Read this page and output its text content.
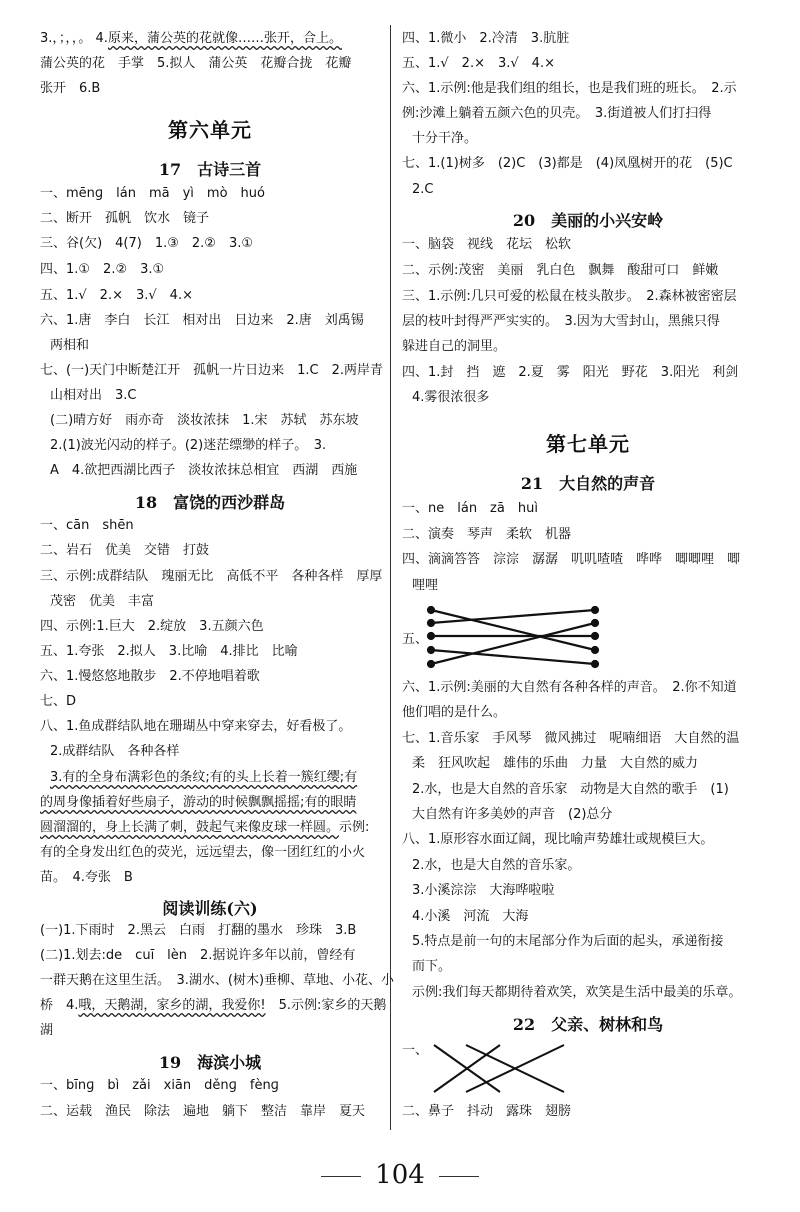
3.，；，，。 4.原来，蒲公英的花就像……张开，合上。
蒲公英的花　手掌　5.拟人　蒲公英　花瓣合拢　花瓣
张开　6.B
第六单元
17　古诗三首
一、mēnɡ　lán　mā　yì　mò　huó
二、断开　孤帆　饮水　镜子
三、谷(欠)　4(7)　1.③　2.②　3.①
四、1.①　2.②　3.①
五、1.√　2.×　3.√　4.×
六、1.唐　李白　长江　相对出　日边来　2.唐　刘禹锡
两相和
七、(一)天门中断楚江开　孤帆一片日边来　1.C　2.两岸青
山相对出　3.C
(二)晴方好　雨亦奇　淡妆浓抹　1.宋　苏轼　苏东坡
2.(1)波光闪动的样子。(2)迷茫缥缈的样子。　3.
A　4.欲把西湖比西子　淡妆浓抹总相宜　西湖　西施
18　富饶的西沙群岛
一、cān　shēn
二、岩石　优美　交错　打鼓
三、示例:成群结队　瑰丽无比　高低不平　各种各样　厚厚
茂密　优美　丰富
四、示例:1.巨大　2.绽放　3.五颜六色
五、1.夸张　2.拟人　3.比喻　4.排比　比喻
六、1.慢悠悠地散步　2.不停地唱着歌
七、D
八、1.鱼成群结队地在珊瑚丛中穿来穿去，好看极了。
2.成群结队　各种各样
3.有的全身布满彩色的条纹;有的头上长着一簇红缨;有
的周身像插着好些扇子，游动的时候飘飘摇摇;有的眼睛
圆溜溜的，身上长满了刺，鼓起气来像皮球一样圆。示例:
有的全身发出红色的荧光，远远望去，像一团红红的小火
苗。　4.夸张　B
阅读训练(六)
(一)1.下雨时　2.黑云　白雨　打翻的墨水　珍珠　3.B
(二)1.划去:de　cuī　lèn　2.据说许多年以前，曾经有
一群天鹅在这里生活。　3.湖水、(树木)垂柳、草地、小花、小
桥　4.哦，天鹅湖，家乡的湖，我爱你!　5.示例:家乡的天鹅
湖
19　海滨小城
一、bīnɡ　bì　zǎi　xiān　děnɡ　fènɡ
二、运载　渔民　除法　遍地　躺下　整洁　靠岸　夏天
四、1.微小　2.冷清　3.肮脏
五、1.√　2.×　3.√　4.×
六、1.示例:他是我们组的组长，也是我们班的班长。　2.示
例:沙滩上躺着五颜六色的贝壳。　3.街道被人们打扫得
十分干净。
七、1.(1)树多　(2)C　(3)都是　(4)凤凰树开的花　(5)C
2.C
20　美丽的小兴安岭
一、脑袋　视线　花坛　松软
二、示例:茂密　美丽　乳白色　飘舞　酸甜可口　鲜嫩
三、1.示例:几只可爱的松鼠在枝头散步。　2.森林被密密层
层的枝叶封得严严实实的。　3.因为大雪封山，黑熊只得
躲进自己的洞里。
四、1.封　挡　遮　2.夏　雾　阳光　野花　3.阳光　利剑
4.雾很浓很多
第七单元
21　大自然的声音
一、ne　lán　zā　huì
二、演奏　琴声　柔软　机器
四、滴滴答答　淙淙　潺潺　叽叽喳喳　哗哗　唧唧哩　唧
哩哩
五、
六、1.示例:美丽的大自然有各种各样的声音。　2.你不知道
他们唱的是什么。
七、1.音乐家　手风琴　微风拂过　呢喃细语　大自然的温
柔　狂风吹起　雄伟的乐曲　力量　大自然的威力
2.水，也是大自然的音乐家　动物是大自然的歌手　(1)
大自然有许多美妙的声音　(2)总分
八、1.原形容水面辽阔，现比喻声势雄壮或规模巨大。
2.水，也是大自然的音乐家。
3.小溪淙淙　大海哗啦啦
4.小溪　河流　大海
5.特点是前一句的末尾部分作为后面的起头，承递衔接
而下。
示例:我们每天都期待着欢笑，欢笑是生活中最美的乐章。
22　父亲、树林和鸟
一、
二、鼻子　抖动　露珠　翅膀
104
